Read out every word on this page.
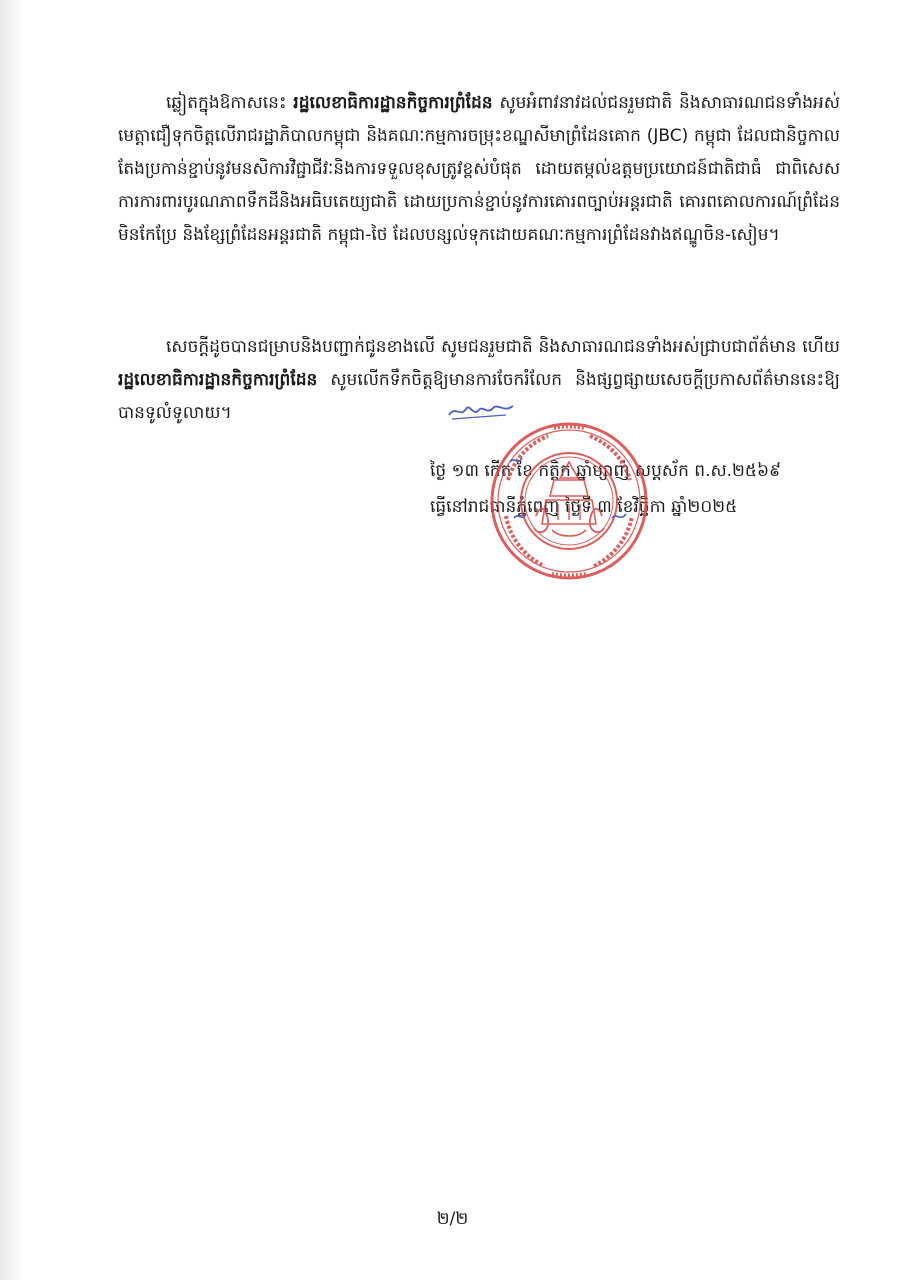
ឆ្លៀតក្នុងឱកាសនេះ រដ្ឋលេខាធិការដ្ឋានកិច្ចការព្រំដែន សូមអំពាវនាវដល់ជនរួមជាតិ និងសាធារណជនទាំងអស់មេត្តាជឿទុកចិត្តលើរាជរដ្ឋាភិបាលកម្ពុជា និងគណៈកម្មការចម្រុះខណ្ឌសីមាព្រំដែនគោក (JBC) កម្ពុជា ដែលជានិច្ចកាលតែងប្រកាន់ខ្ជាប់នូវមនសិការវិជ្ជាជីវៈនិងការទទួលខុសត្រូវខ្ពស់បំផុត ដោយតម្កល់ឧត្តមប្រយោជន៍ជាតិជាធំ ជាពិសេសការការពារបូរណភាពទឹកដីនិងអធិបតេយ្យជាតិ ដោយប្រកាន់ខ្ជាប់នូវការគោរពច្បាប់អន្តរជាតិ គោរពគោលការណ៍ព្រំដែនមិនកែប្រែ និងខ្សែព្រំដែនអន្តរជាតិ កម្ពុជា-ថៃ ដែលបន្សល់ទុកដោយគណៈកម្មការព្រំដែនវាងឥណ្ឌូចិន-សៀម។

សេចក្តីដូចបានជម្រាបនិងបញ្ជាក់ជូនខាងលើ សូមជនរួមជាតិ និងសាធារណជនទាំងអស់ជ្រាបជាព័ត៌មាន ហើយ រដ្ឋលេខាធិការដ្ឋានកិច្ចការព្រំដែន សូមលើកទឹកចិត្តឱ្យមានការចែករំលែក និងផ្សព្វផ្សាយសេចក្តីប្រកាសព័ត៌មាននេះឱ្យបានទូលំទូលាយ។

ថ្ងៃ ១៣ កើត ខែ កត្តិក ឆ្នាំម្សាញ់ សប្តស័ក ព.ស.២៥៦៩
ធ្វើនៅរាជធានីភ្នំពេញ ថ្ងៃទី ៣ ខែវិច្ឆិកា ឆ្នាំ២០២៥
២/២
